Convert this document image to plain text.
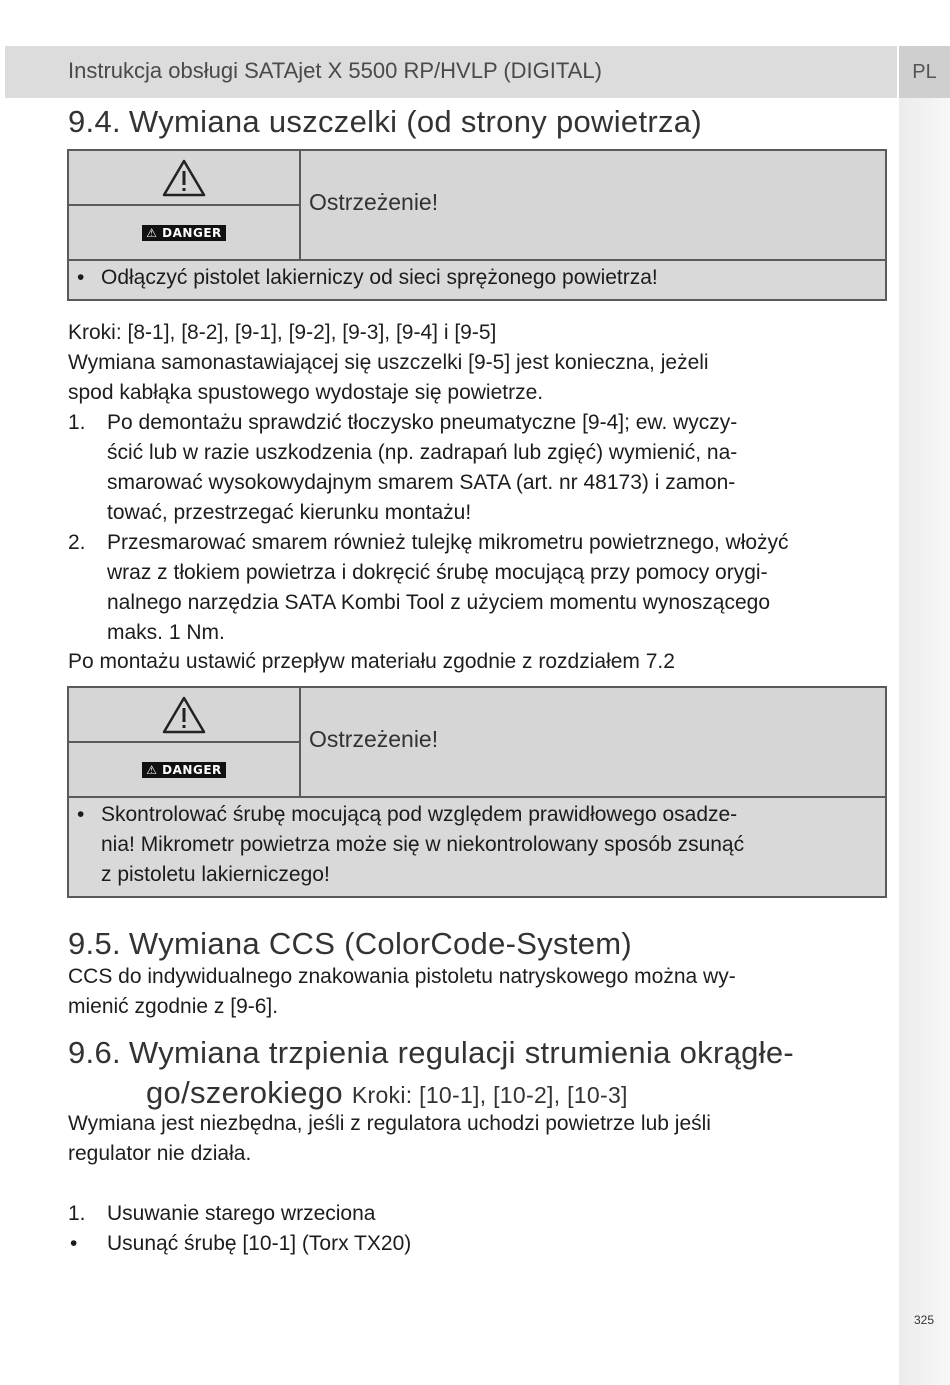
Instrukcja obsługi SATAjet X 5500 RP/HVLP (DIGITAL)	PL
9.4. Wymiana uszczelki (od strony powietrza)
⚠ DANGER
Ostrzeżenie!
• Odłączyć pistolet lakierniczy od sieci sprężonego powietrza!
Kroki: [8-1], [8-2], [9-1], [9-2], [9-3], [9-4] i [9-5]
Wymiana samonastawiającej się uszczelki [9-5] jest konieczna, jeżeli
spod kabłąka spustowego wydostaje się powietrze.
1. Po demontażu sprawdzić tłoczysko pneumatyczne [9-4]; ew. wyczy-
ścić lub w razie uszkodzenia (np. zadrapań lub zgięć) wymienić, na-
smarować wysokowydajnym smarem SATA (art. nr 48173) i zamon-
tować, przestrzegać kierunku montażu!
2. Przesmarować smarem również tulejkę mikrometru powietrznego, włożyć
wraz z tłokiem powietrza i dokręcić śrubę mocującą przy pomocy orygi-
nalnego narzędzia SATA Kombi Tool z użyciem momentu wynoszącego
maks. 1 Nm.
Po montażu ustawić przepływ materiału zgodnie z rozdziałem 7.2
⚠ DANGER
Ostrzeżenie!
• Skontrolować śrubę mocującą pod względem prawidłowego osadze-
nia! Mikrometr powietrza może się w niekontrolowany sposób zsunąć
z pistoletu lakierniczego!
9.5. Wymiana CCS (ColorCode-System)
CCS do indywidualnego znakowania pistoletu natryskowego można wy-
mienić zgodnie z [9-6].
9.6. Wymiana trzpienia regulacji strumienia okrągłe-
go/szerokiego Kroki: [10-1], [10-2], [10-3]
Wymiana jest niezbędna, jeśli z regulatora uchodzi powietrze lub jeśli
regulator nie działa.
1. Usuwanie starego wrzeciona
• Usunąć śrubę [10-1] (Torx TX20)
325
